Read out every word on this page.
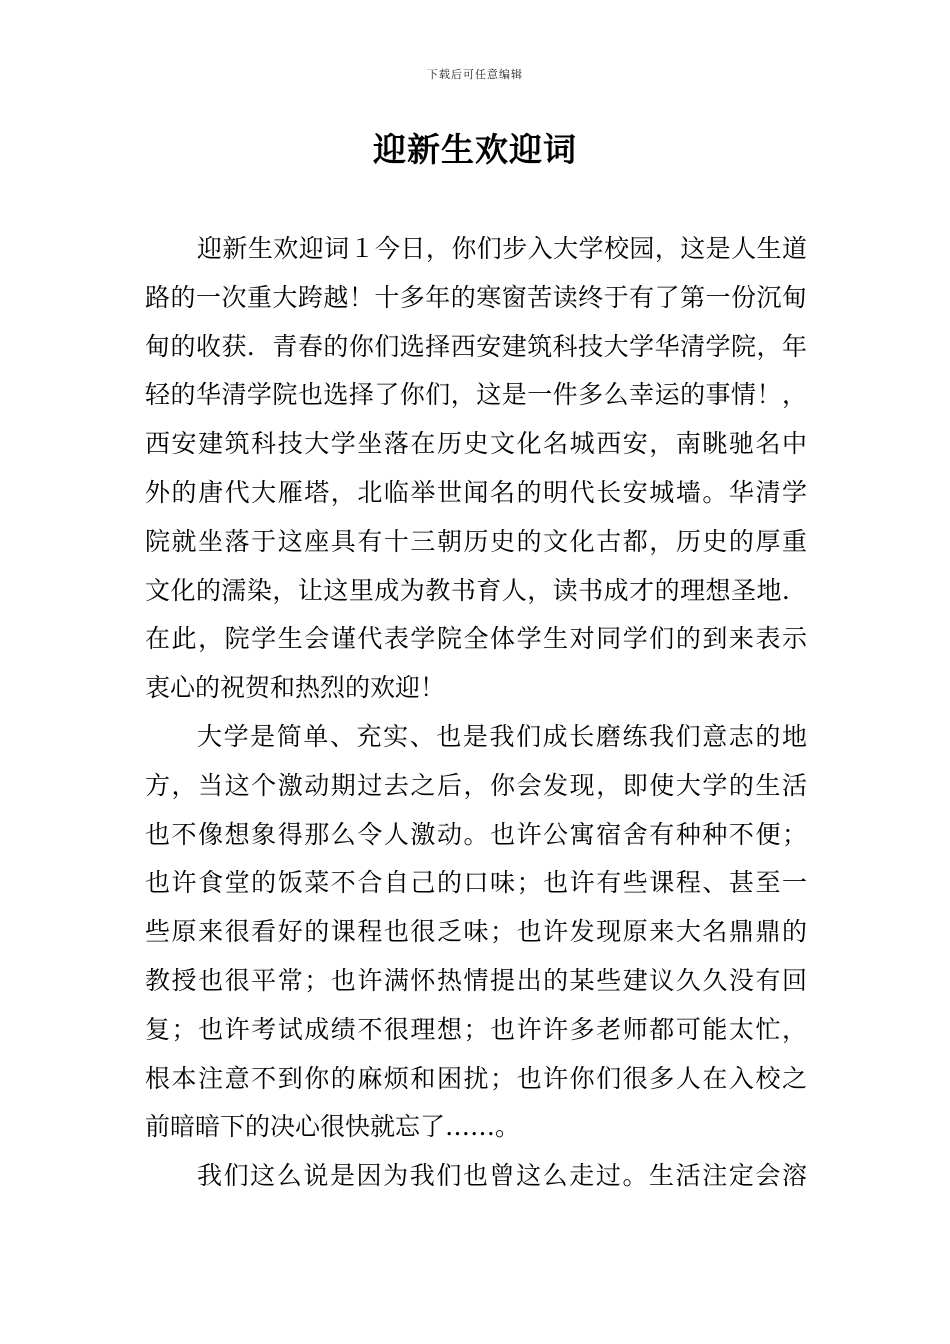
下载后可任意编辑
迎新生欢迎词
迎新生欢迎词１今日，你们步入大学校园，这是人生道
路的一次重大跨越！十多年的寒窗苦读终于有了第一份沉甸
甸的收获．青春的你们选择西安建筑科技大学华清学院，年
轻的华清学院也选择了你们，这是一件多么幸运的事情！，
西安建筑科技大学坐落在历史文化名城西安，南眺驰名中
外的唐代大雁塔，北临举世闻名的明代长安城墙。华清学
院就坐落于这座具有十三朝历史的文化古都，历史的厚重
文化的濡染，让这里成为教书育人，读书成才的理想圣地．
在此，院学生会谨代表学院全体学生对同学们的到来表示
衷心的祝贺和热烈的欢迎！
大学是简单、充实、也是我们成长磨练我们意志的地
方，当这个激动期过去之后，你会发现，即使大学的生活
也不像想象得那么令人激动。也许公寓宿舍有种种不便；
也许食堂的饭菜不合自己的口味；也许有些课程、甚至一
些原来很看好的课程也很乏味；也许发现原来大名鼎鼎的
教授也很平常；也许满怀热情提出的某些建议久久没有回
复；也许考试成绩不很理想；也许许多老师都可能太忙，
根本注意不到你的麻烦和困扰；也许你们很多人在入校之
前暗暗下的决心很快就忘了……。
我们这么说是因为我们也曾这么走过。生活注定会溶
